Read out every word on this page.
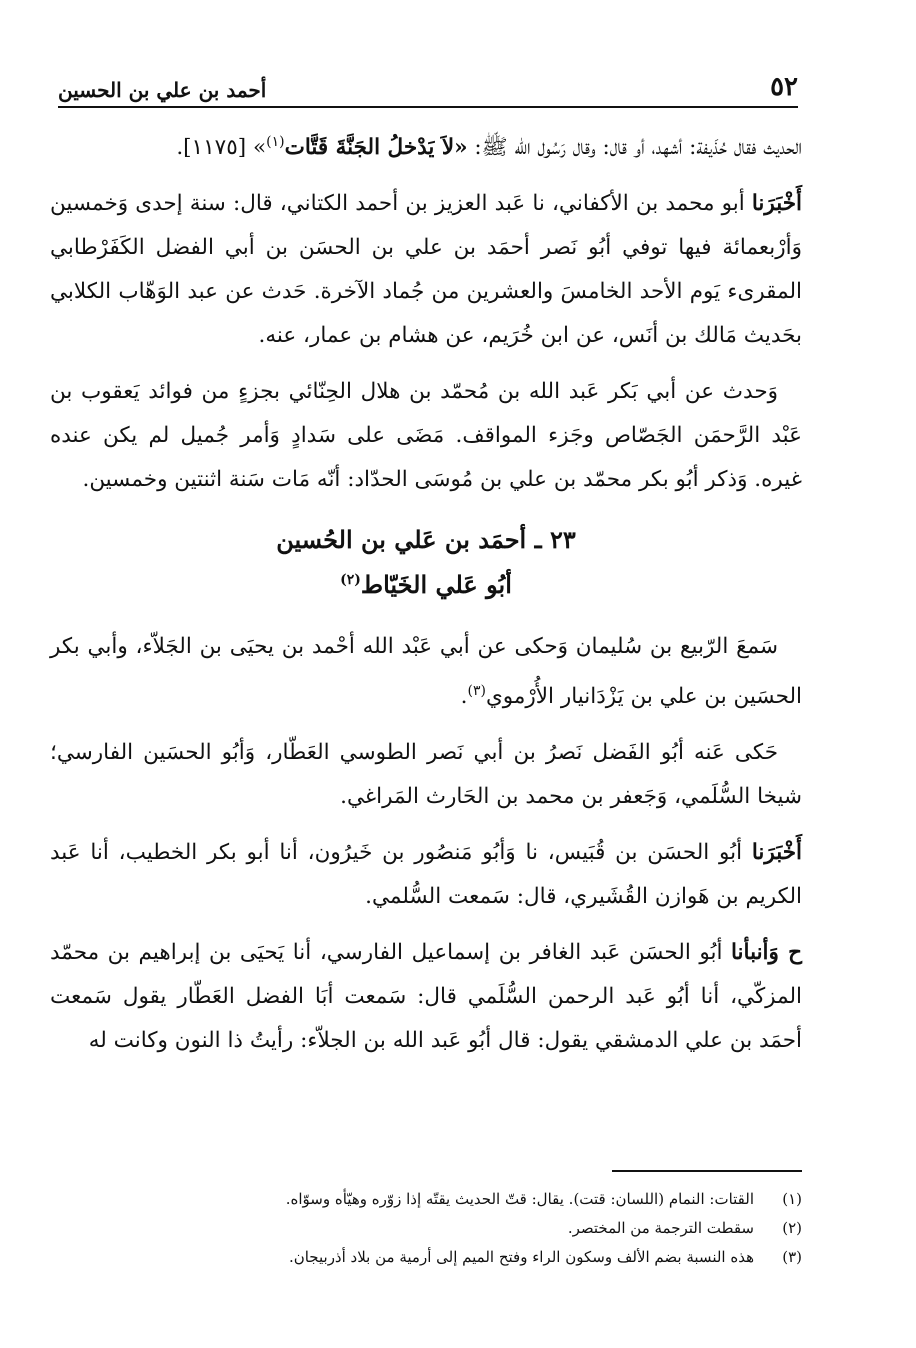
٥٢
أحمد بن علي بن الحسين

الحديث فقال حُذَيفة: أشهد، أو قال: وقال رَسُول الله ﷺ: «لاَ يَدْخلُ الجَنَّةَ قَتَّات$^{(١)}$» [١١٧٥].

أَخْبَرَنا أبو محمد بن الأكفاني، نا عَبد العزيز بن أحمد الكتاني، قال: سنة إحدى وَخمسين وَأرْبعمائة فيها توفي أبُو نَصر أحمَد بن علي بن الحسَن بن أبي الفضل الكَفَرْطابي المقرىء يَوم الأحد الخامسَ والعشرين من جُماد الآخرة. حَدث عن عبد الوَهّاب الكلابي بحَديث مَالك بن أنَس، عن ابن خُرَيم، عن هشام بن عمار، عنه.

وَحدث عن أبي بَكر عَبد الله بن مُحمّد بن هلال الحِنّائي بجزءٍ من فوائد يَعقوب بن عَبْد الرَّحمَن الجَصّاص وجَزء المواقف. مَضَى على سَدادٍ وَأمر جُميل لم يكن عنده غيره. وَذكر أبُو بكر محمّد بن علي بن مُوسَى الحدّاد: أنّه مَات سَنة اثنتين وخمسين.

٢٣ ـ أحمَد بن عَلي بن الحُسين
أبُو عَلي الخَيّاط$^{(٢)}$

سَمعَ الرّبيع بن سُليمان وَحكى عن أبي عَبْد الله أحْمد بن يحيَى بن الجَلاّء، وأبي بكر الحسَين بن علي بن يَزْدَانيار الأُرْموي$^{(٣)}$.

حَكى عَنه أبُو الفَضل نَصرُ بن أبي نَصر الطوسي العَطّار، وَأبُو الحسَين الفارسي؛ شيخا السُّلَمي، وَجَعفر بن محمد بن الحَارث المَراغي.

أَخْبَرَنا أبُو الحسَن بن قُبَيس، نا وَأبُو مَنصُور بن خَيرُون، أنا أبو بكر الخطيب، أنا عَبد الكريم بن هَوازن القُشَيري، قال: سَمعت السُّلمي.

ح وَأنبأنا أبُو الحسَن عَبد الغافر بن إسماعيل الفارسي، أنا يَحيَى بن إبراهيم بن محمّد المزكّي، أنا أبُو عَبد الرحمن السُّلَمي قال: سَمعت أبَا الفضل العَطّار يقول سَمعت أحمَد بن علي الدمشقي يقول: قال أبُو عَبد الله بن الجلاّء: رأيتُ ذا النون وكانت له

(١)
القتات: النمام (اللسان: قتت). يقال: قتّ الحديث يقتّه إذا زوّره وهيّأه وسوّاه.
(٢)
سقطت الترجمة من المختصر.
(٣)
هذه النسبة بضم الألف وسكون الراء وفتح الميم إلى أرمية من بلاد أذربيجان.
